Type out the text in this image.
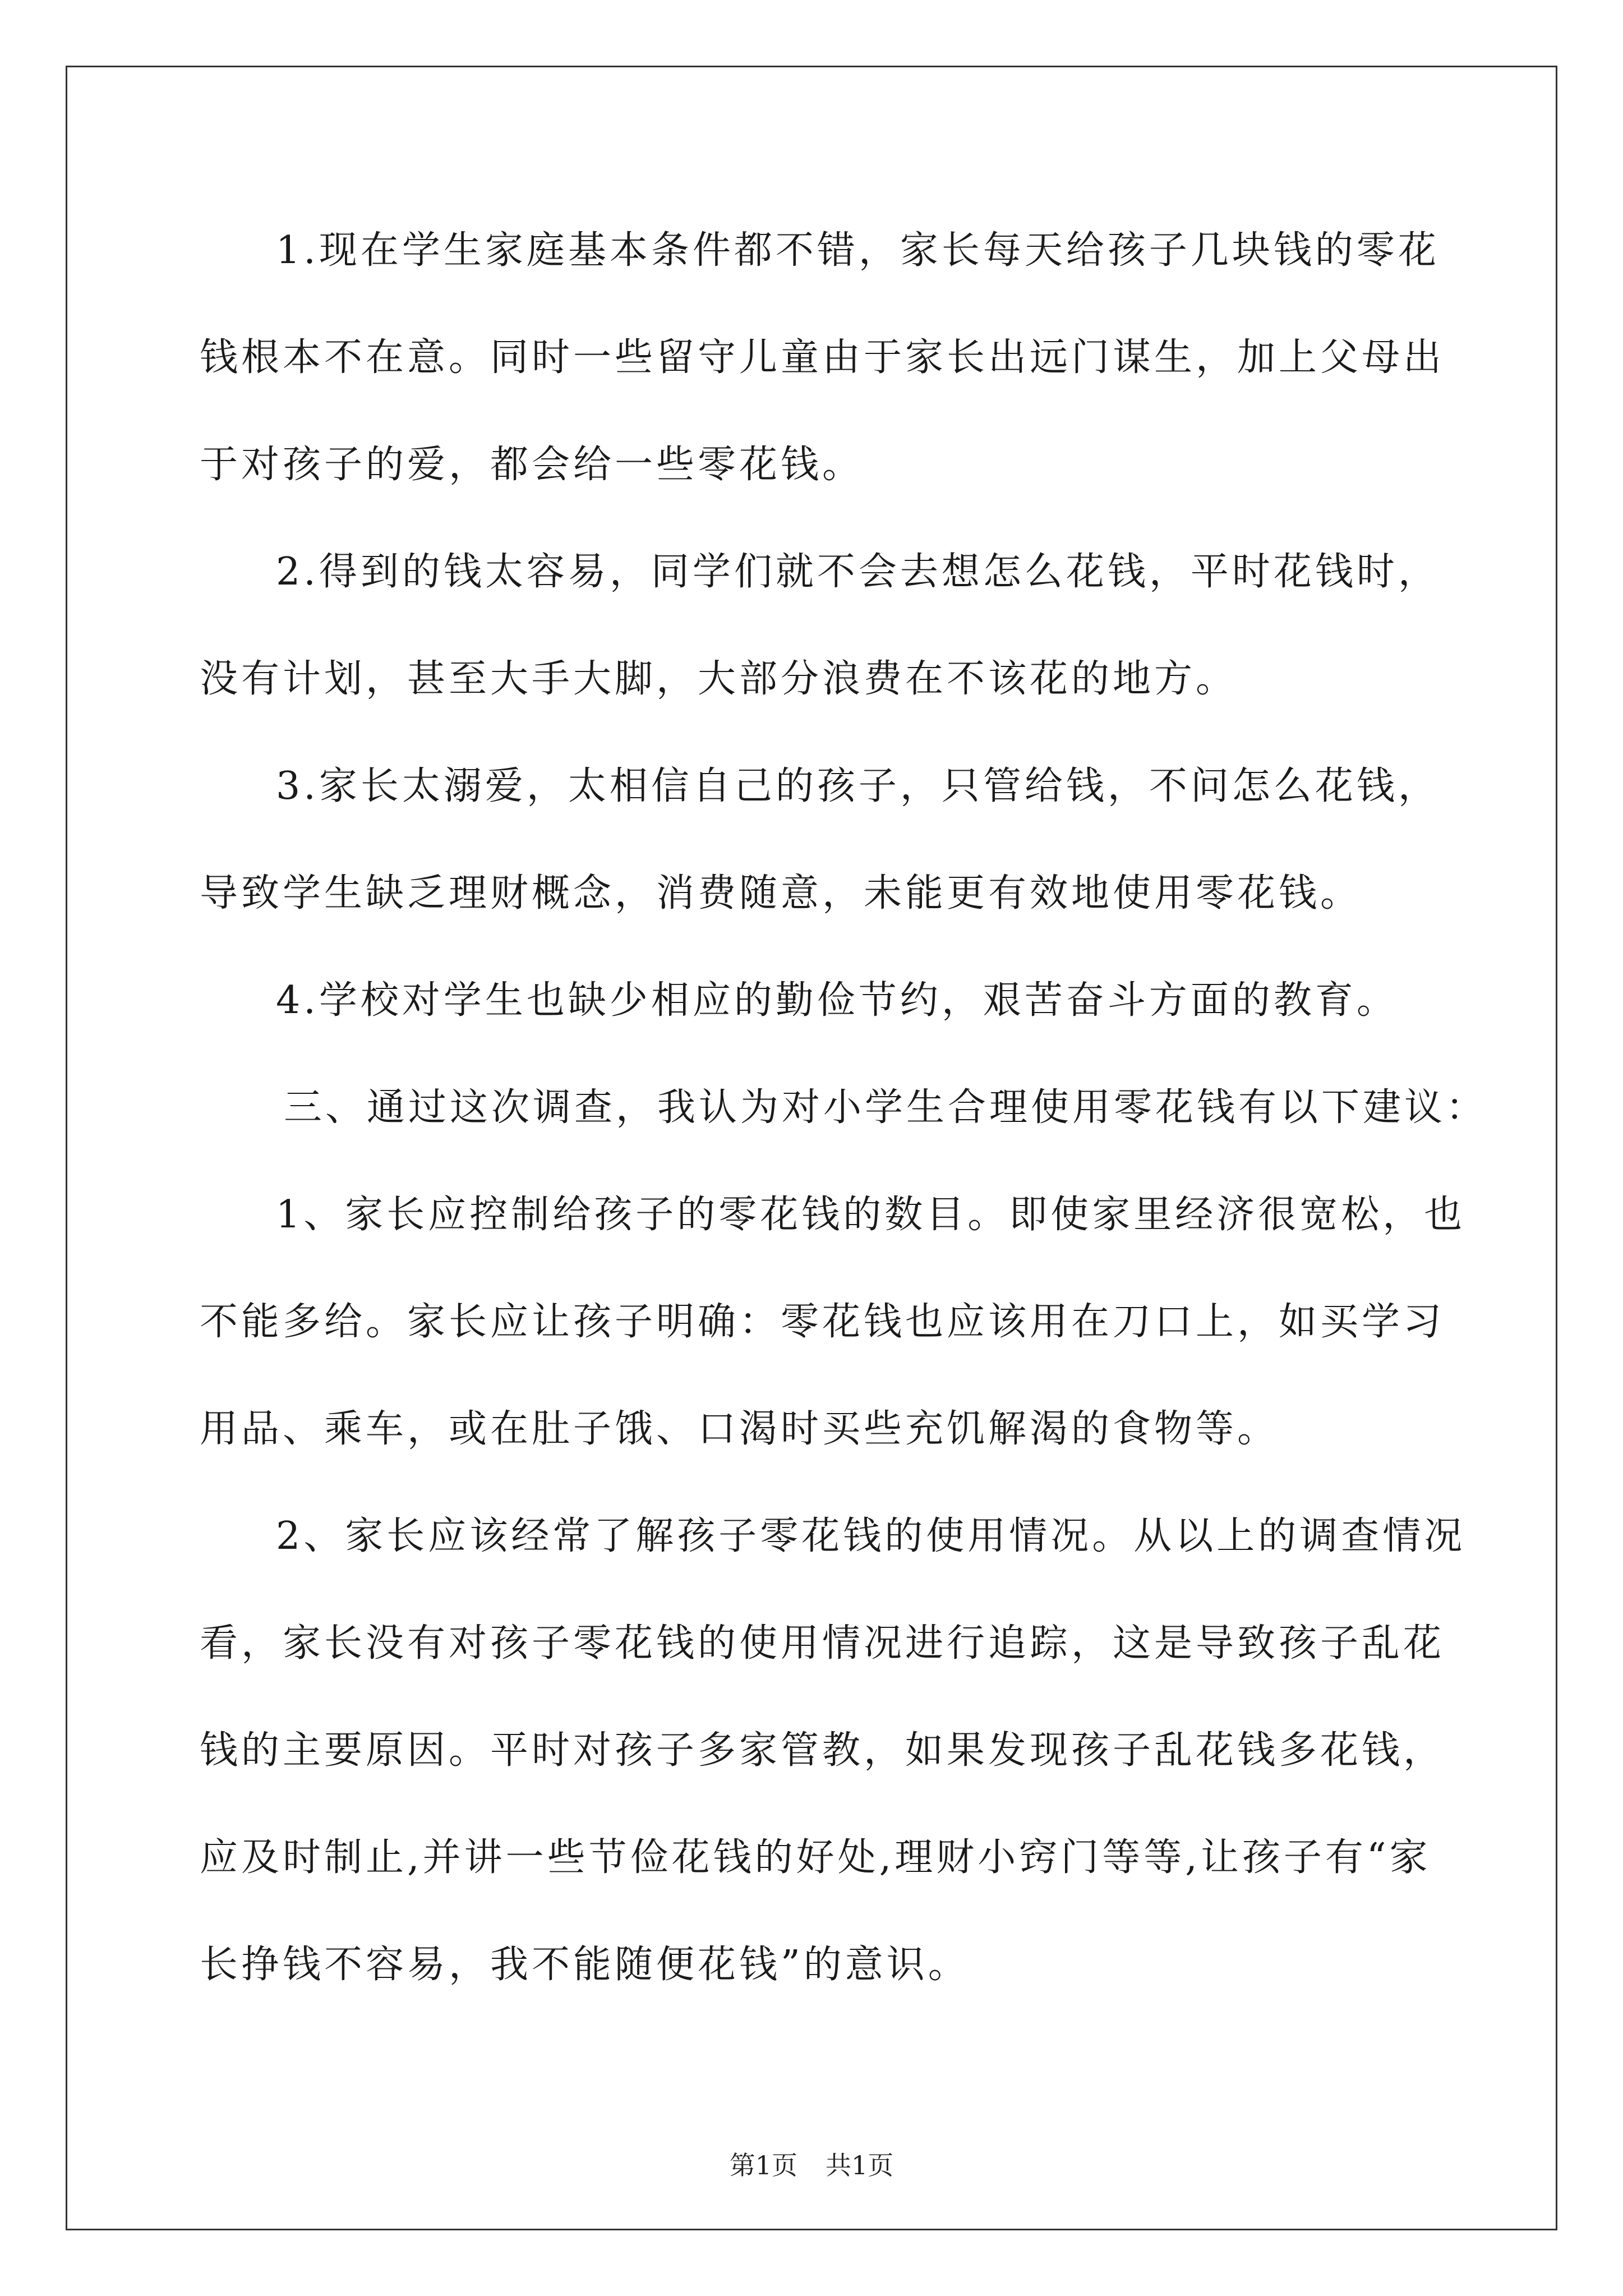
1.现在学生家庭基本条件都不错，家长每天给孩子几块钱的零花
钱根本不在意。同时一些留守儿童由于家长出远门谋生，加上父母出
于对孩子的爱，都会给一些零花钱。
2.得到的钱太容易，同学们就不会去想怎么花钱，平时花钱时，
没有计划，甚至大手大脚，大部分浪费在不该花的地方。
3.家长太溺爱，太相信自己的孩子，只管给钱，不问怎么花钱，
导致学生缺乏理财概念，消费随意，未能更有效地使用零花钱。
4.学校对学生也缺少相应的勤俭节约，艰苦奋斗方面的教育。
三、通过这次调查，我认为对小学生合理使用零花钱有以下建议：
1、家长应控制给孩子的零花钱的数目。即使家里经济很宽松，也
不能多给。家长应让孩子明确：零花钱也应该用在刀口上，如买学习
用品、乘车，或在肚子饿、口渴时买些充饥解渴的食物等。
2、家长应该经常了解孩子零花钱的使用情况。从以上的调查情况
看，家长没有对孩子零花钱的使用情况进行追踪，这是导致孩子乱花
钱的主要原因。平时对孩子多家管教，如果发现孩子乱花钱多花钱，
应及时制止,并讲一些节俭花钱的好处,理财小窍门等等,让孩子有“家
长挣钱不容易，我不能随便花钱”的意识。
第1页 共1页
